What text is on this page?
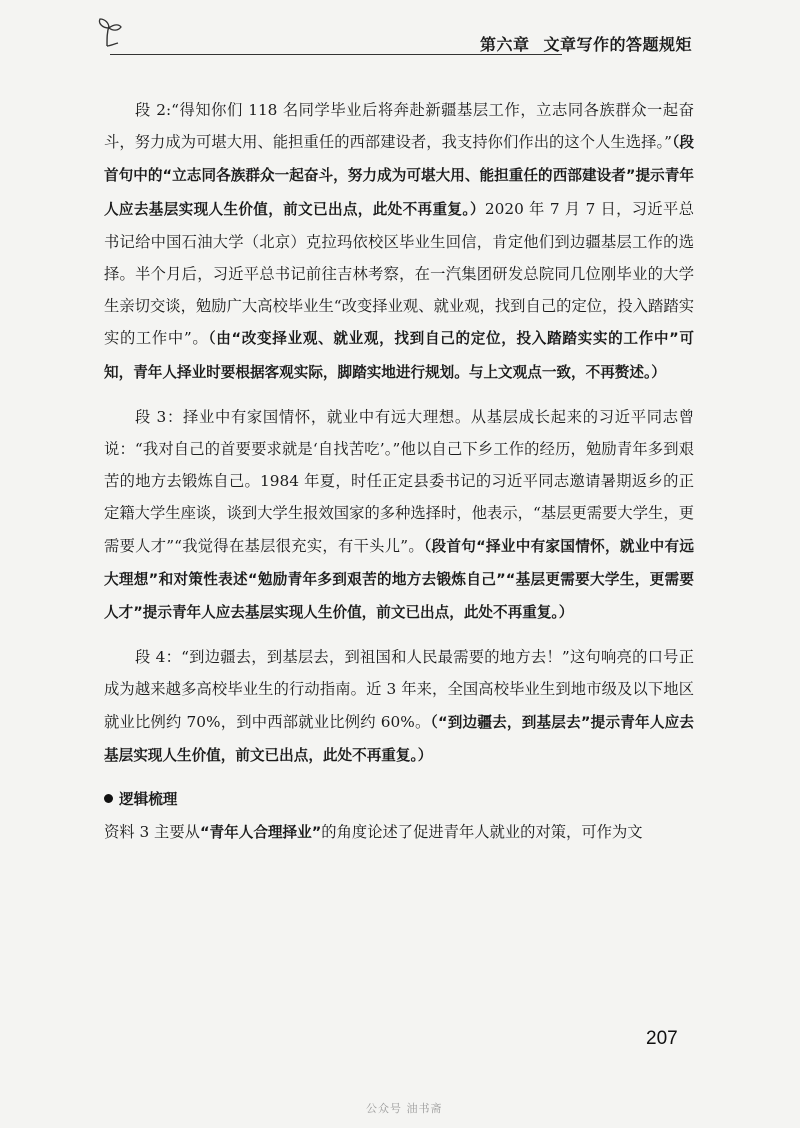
第六章 文章写作的答题规矩

段 2:“得知你们 118 名同学毕业后将奔赴新疆基层工作，立志同各族群众一起奋斗，努力成为可堪大用、能担重任的西部建设者，我支持你们作出的这个人生选择。”（段首句中的“立志同各族群众一起奋斗，努力成为可堪大用、能担重任的西部建设者”提示青年人应去基层实现人生价值，前文已出点，此处不再重复。）2020 年 7 月 7 日，习近平总书记给中国石油大学（北京）克拉玛依校区毕业生回信，肯定他们到边疆基层工作的选择。半个月后，习近平总书记前往吉林考察，在一汽集团研发总院同几位刚毕业的大学生亲切交谈，勉励广大高校毕业生“改变择业观、就业观，找到自己的定位，投入踏踏实实的工作中”。（由“改变择业观、就业观，找到自己的定位，投入踏踏实实的工作中”可知，青年人择业时要根据客观实际，脚踏实地进行规划。与上文观点一致，不再赘述。）

段 3：择业中有家国情怀，就业中有远大理想。从基层成长起来的习近平同志曾说：“我对自己的首要要求就是‘自找苦吃’。”他以自己下乡工作的经历，勉励青年多到艰苦的地方去锻炼自己。1984 年夏，时任正定县委书记的习近平同志邀请暑期返乡的正定籍大学生座谈，谈到大学生报效国家的多种选择时，他表示，“基层更需要大学生，更需要人才”“我觉得在基层很充实，有干头儿”。（段首句“择业中有家国情怀，就业中有远大理想”和对策性表述“勉励青年多到艰苦的地方去锻炼自己”“基层更需要大学生，更需要人才”提示青年人应去基层实现人生价值，前文已出点，此处不再重复。）

段 4：“到边疆去，到基层去，到祖国和人民最需要的地方去！”这句响亮的口号正成为越来越多高校毕业生的行动指南。近 3 年来，全国高校毕业生到地市级及以下地区就业比例约 70%，到中西部就业比例约 60%。（“到边疆去，到基层去”提示青年人应去基层实现人生价值，前文已出点，此处不再重复。）

逻辑梳理

资料 3 主要从“青年人合理择业”的角度论述了促进青年人就业的对策，可作为文

207
公众号 油书斋
